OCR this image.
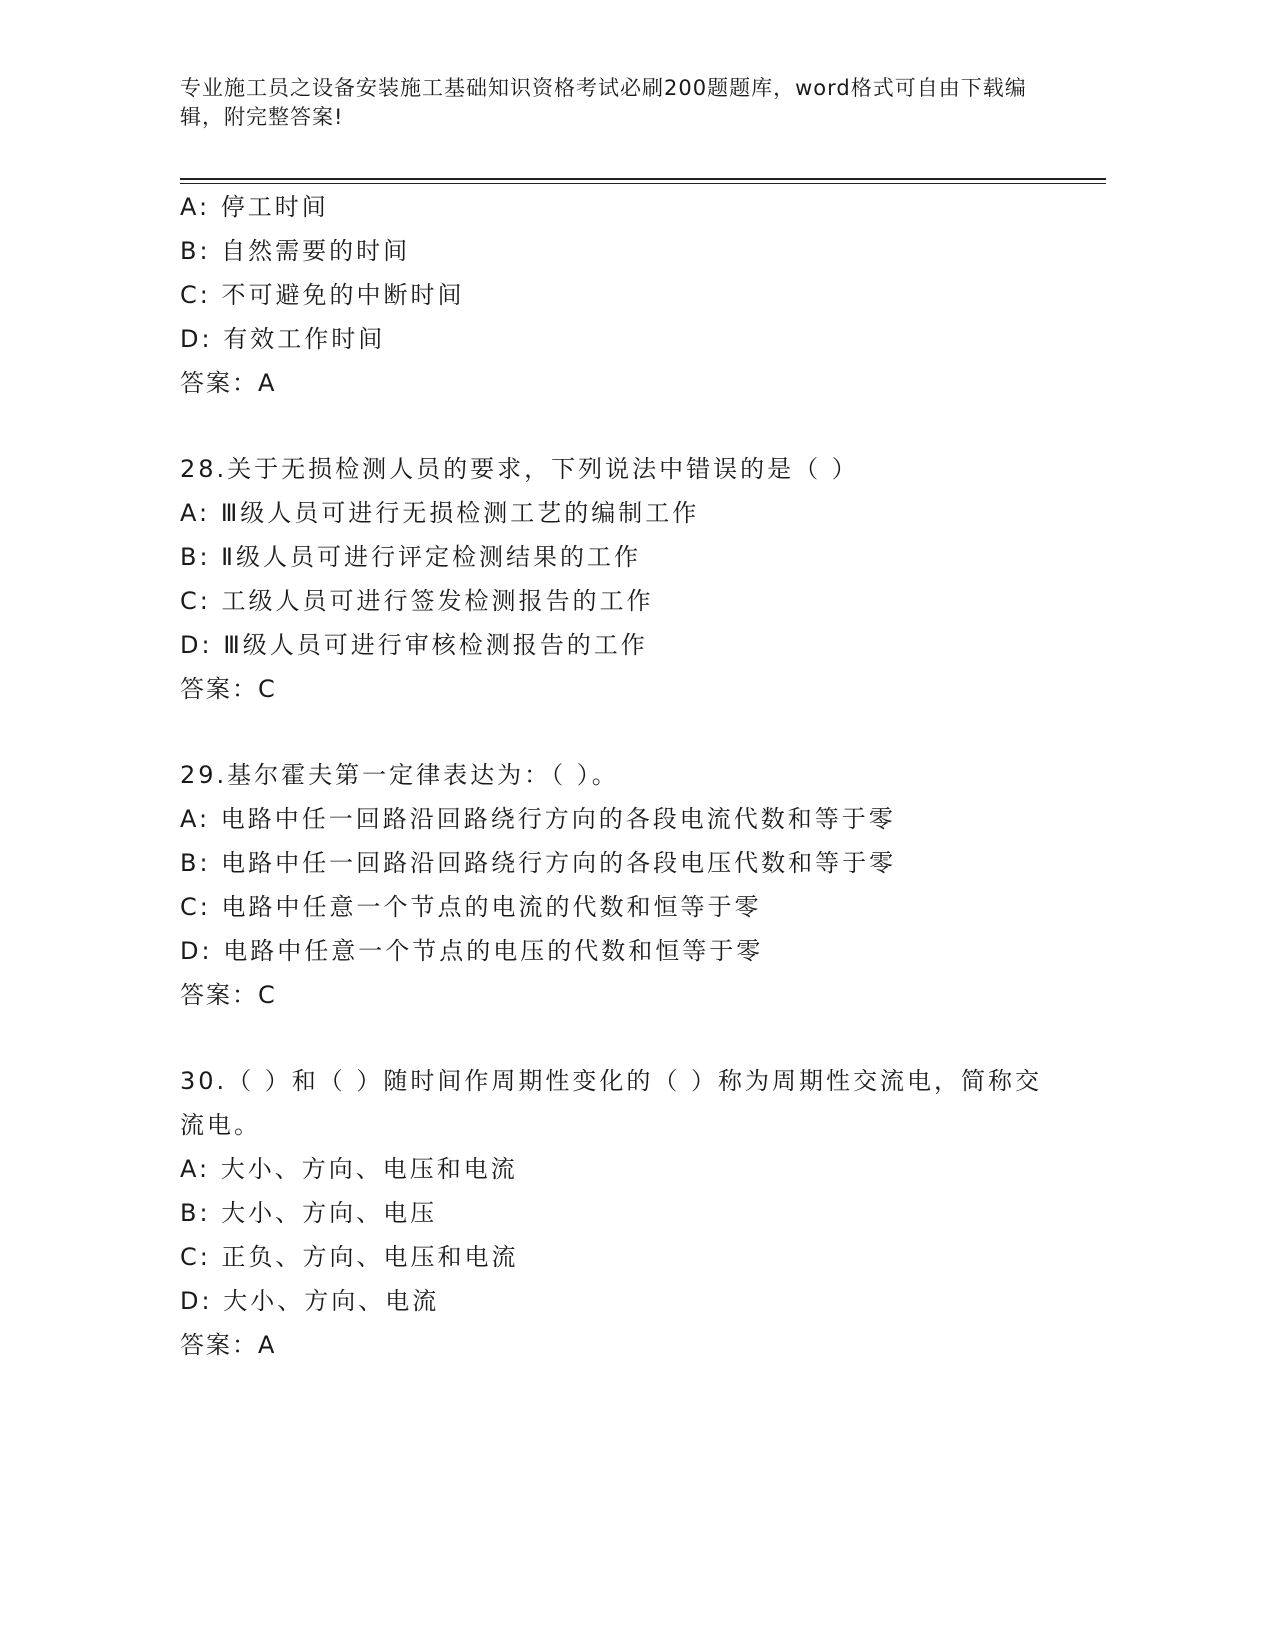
专业施工员之设备安装施工基础知识资格考试必刷200题题库，word格式可自由下载编辑，附完整答案!
A: 停工时间
B: 自然需要的时间
C: 不可避免的中断时间
D: 有效工作时间
答案：A
28.关于无损检测人员的要求，下列说法中错误的是（ ）
A: Ⅲ级人员可进行无损检测工艺的编制工作
B: Ⅱ级人员可进行评定检测结果的工作
C: 工级人员可进行签发检测报告的工作
D: Ⅲ级人员可进行审核检测报告的工作
答案：C
29.基尔霍夫第一定律表达为：（ ）。
A: 电路中任一回路沿回路绕行方向的各段电流代数和等于零
B: 电路中任一回路沿回路绕行方向的各段电压代数和等于零
C: 电路中任意一个节点的电流的代数和恒等于零
D: 电路中任意一个节点的电压的代数和恒等于零
答案：C
30.（ ）和（ ）随时间作周期性变化的（ ）称为周期性交流电，简称交流电。
A: 大小、方向、电压和电流
B: 大小、方向、电压
C: 正负、方向、电压和电流
D: 大小、方向、电流
答案：A
